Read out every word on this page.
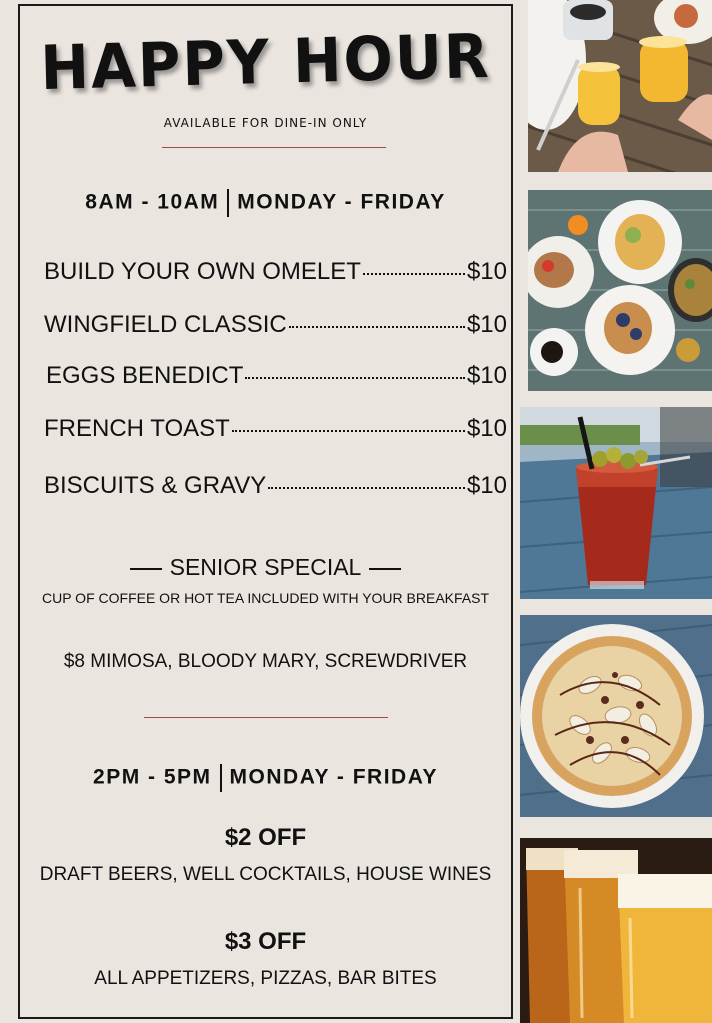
HAPPY HOUR
AVAILABLE FOR DINE-IN ONLY
8AM - 10AM MONDAY - FRIDAY
BUILD YOUR OWN OMELET	$10
WINGFIELD CLASSIC	$10
EGGS BENEDICT	$10
FRENCH TOAST	$10
BISCUITS & GRAVY	$10
SENIOR SPECIAL
CUP OF COFFEE OR HOT TEA INCLUDED WITH YOUR BREAKFAST
$8 MIMOSA, BLOODY MARY, SCREWDRIVER
2PM - 5PM MONDAY - FRIDAY
$2 OFF
DRAFT BEERS, WELL COCKTAILS, HOUSE WINES
$3 OFF
ALL APPETIZERS, PIZZAS, BAR BITES
